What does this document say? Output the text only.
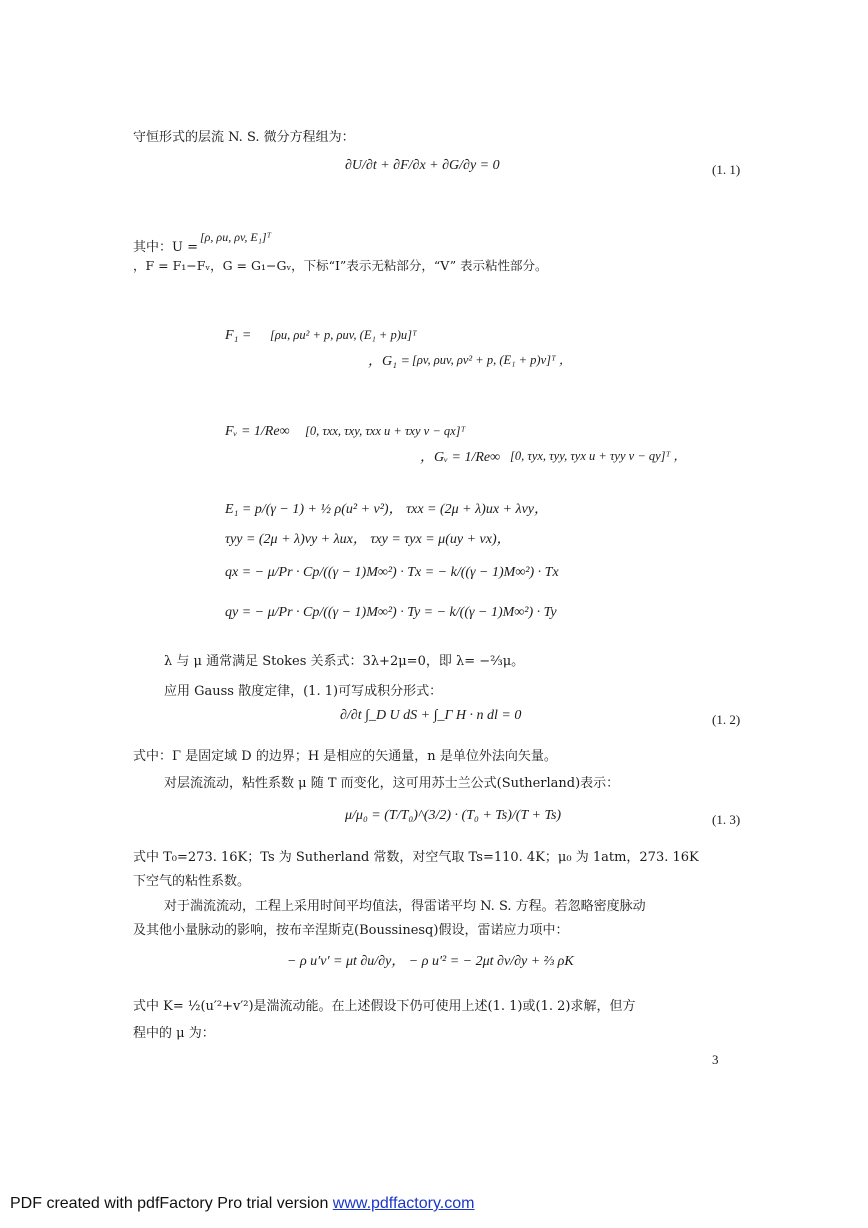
守恒形式的层流 N. S. 微分方程组为：
∂U/∂t + ∂F/∂x + ∂G/∂y = 0	(1. 1)
其中：U =
[ρ, ρu, ρv, E₁]ᵀ
，F = F₁−Fᵥ，G = G₁−Gᵥ，下标“I”表示无粘部分，“V” 表示粘性部分。
F₁ = [ρu, ρu² + p, ρuv, (E₁ + p)u]ᵀ
，G₁ = [ρv, ρuv, ρv² + p, (E₁ + p)v]ᵀ ，
Fᵥ = 1/Re∞ [0, τxx, τxy, τxx u + τxy v − qx]ᵀ
，Gᵥ = 1/Re∞ [0, τyx, τyy, τyx u + τyy v − qy]ᵀ ，
E₁ = p/(γ − 1) + ½ ρ(u² + v²)， τxx = (2μ + λ)ux + λvy，
τyy = (2μ + λ)vy + λux， τxy = τyx = μ(uy + vx)，
qx = − μ/Pr · Cp/((γ − 1)M∞²) · Tx = − k/((γ − 1)M∞²) · Tx
qy = − μ/Pr · Cp/((γ − 1)M∞²) · Ty = − k/((γ − 1)M∞²) · Ty
λ 与 μ 通常满足 Stokes 关系式：3λ+2μ=0，即 λ= −⅔μ。
应用 Gauss 散度定律，(1. 1)可写成积分形式：
∂/∂t ∫_D U dS + ∫_Γ H · n dl = 0	(1. 2)
式中：Γ 是固定域 D 的边界；H 是相应的矢通量，n 是单位外法向矢量。
对层流流动，粘性系数 μ 随 T 而变化，这可用苏士兰公式(Sutherland)表示：
μ/μ₀ = (T/T₀)^(3/2) · (T₀ + Ts)/(T + Ts)	(1. 3)
式中 T₀=273. 16K；Ts 为 Sutherland 常数，对空气取 Ts=110. 4K；μ₀ 为 1atm，273. 16K
下空气的粘性系数。
对于湍流流动，工程上采用时间平均值法，得雷诺平均 N. S. 方程。若忽略密度脉动
及其他小量脉动的影响，按布辛涅斯克(Boussinesq)假设，雷诺应力项中：
− ρ u′v′ = μt ∂u/∂y， − ρ u′² = − 2μt ∂v/∂y + ⅔ ρK
式中 K= ½(u′²+v′²)是湍流动能。在上述假设下仍可使用上述(1. 1)或(1. 2)求解，但方
程中的 μ 为：
3
PDF created with pdfFactory Pro trial version www.pdffactory.com
